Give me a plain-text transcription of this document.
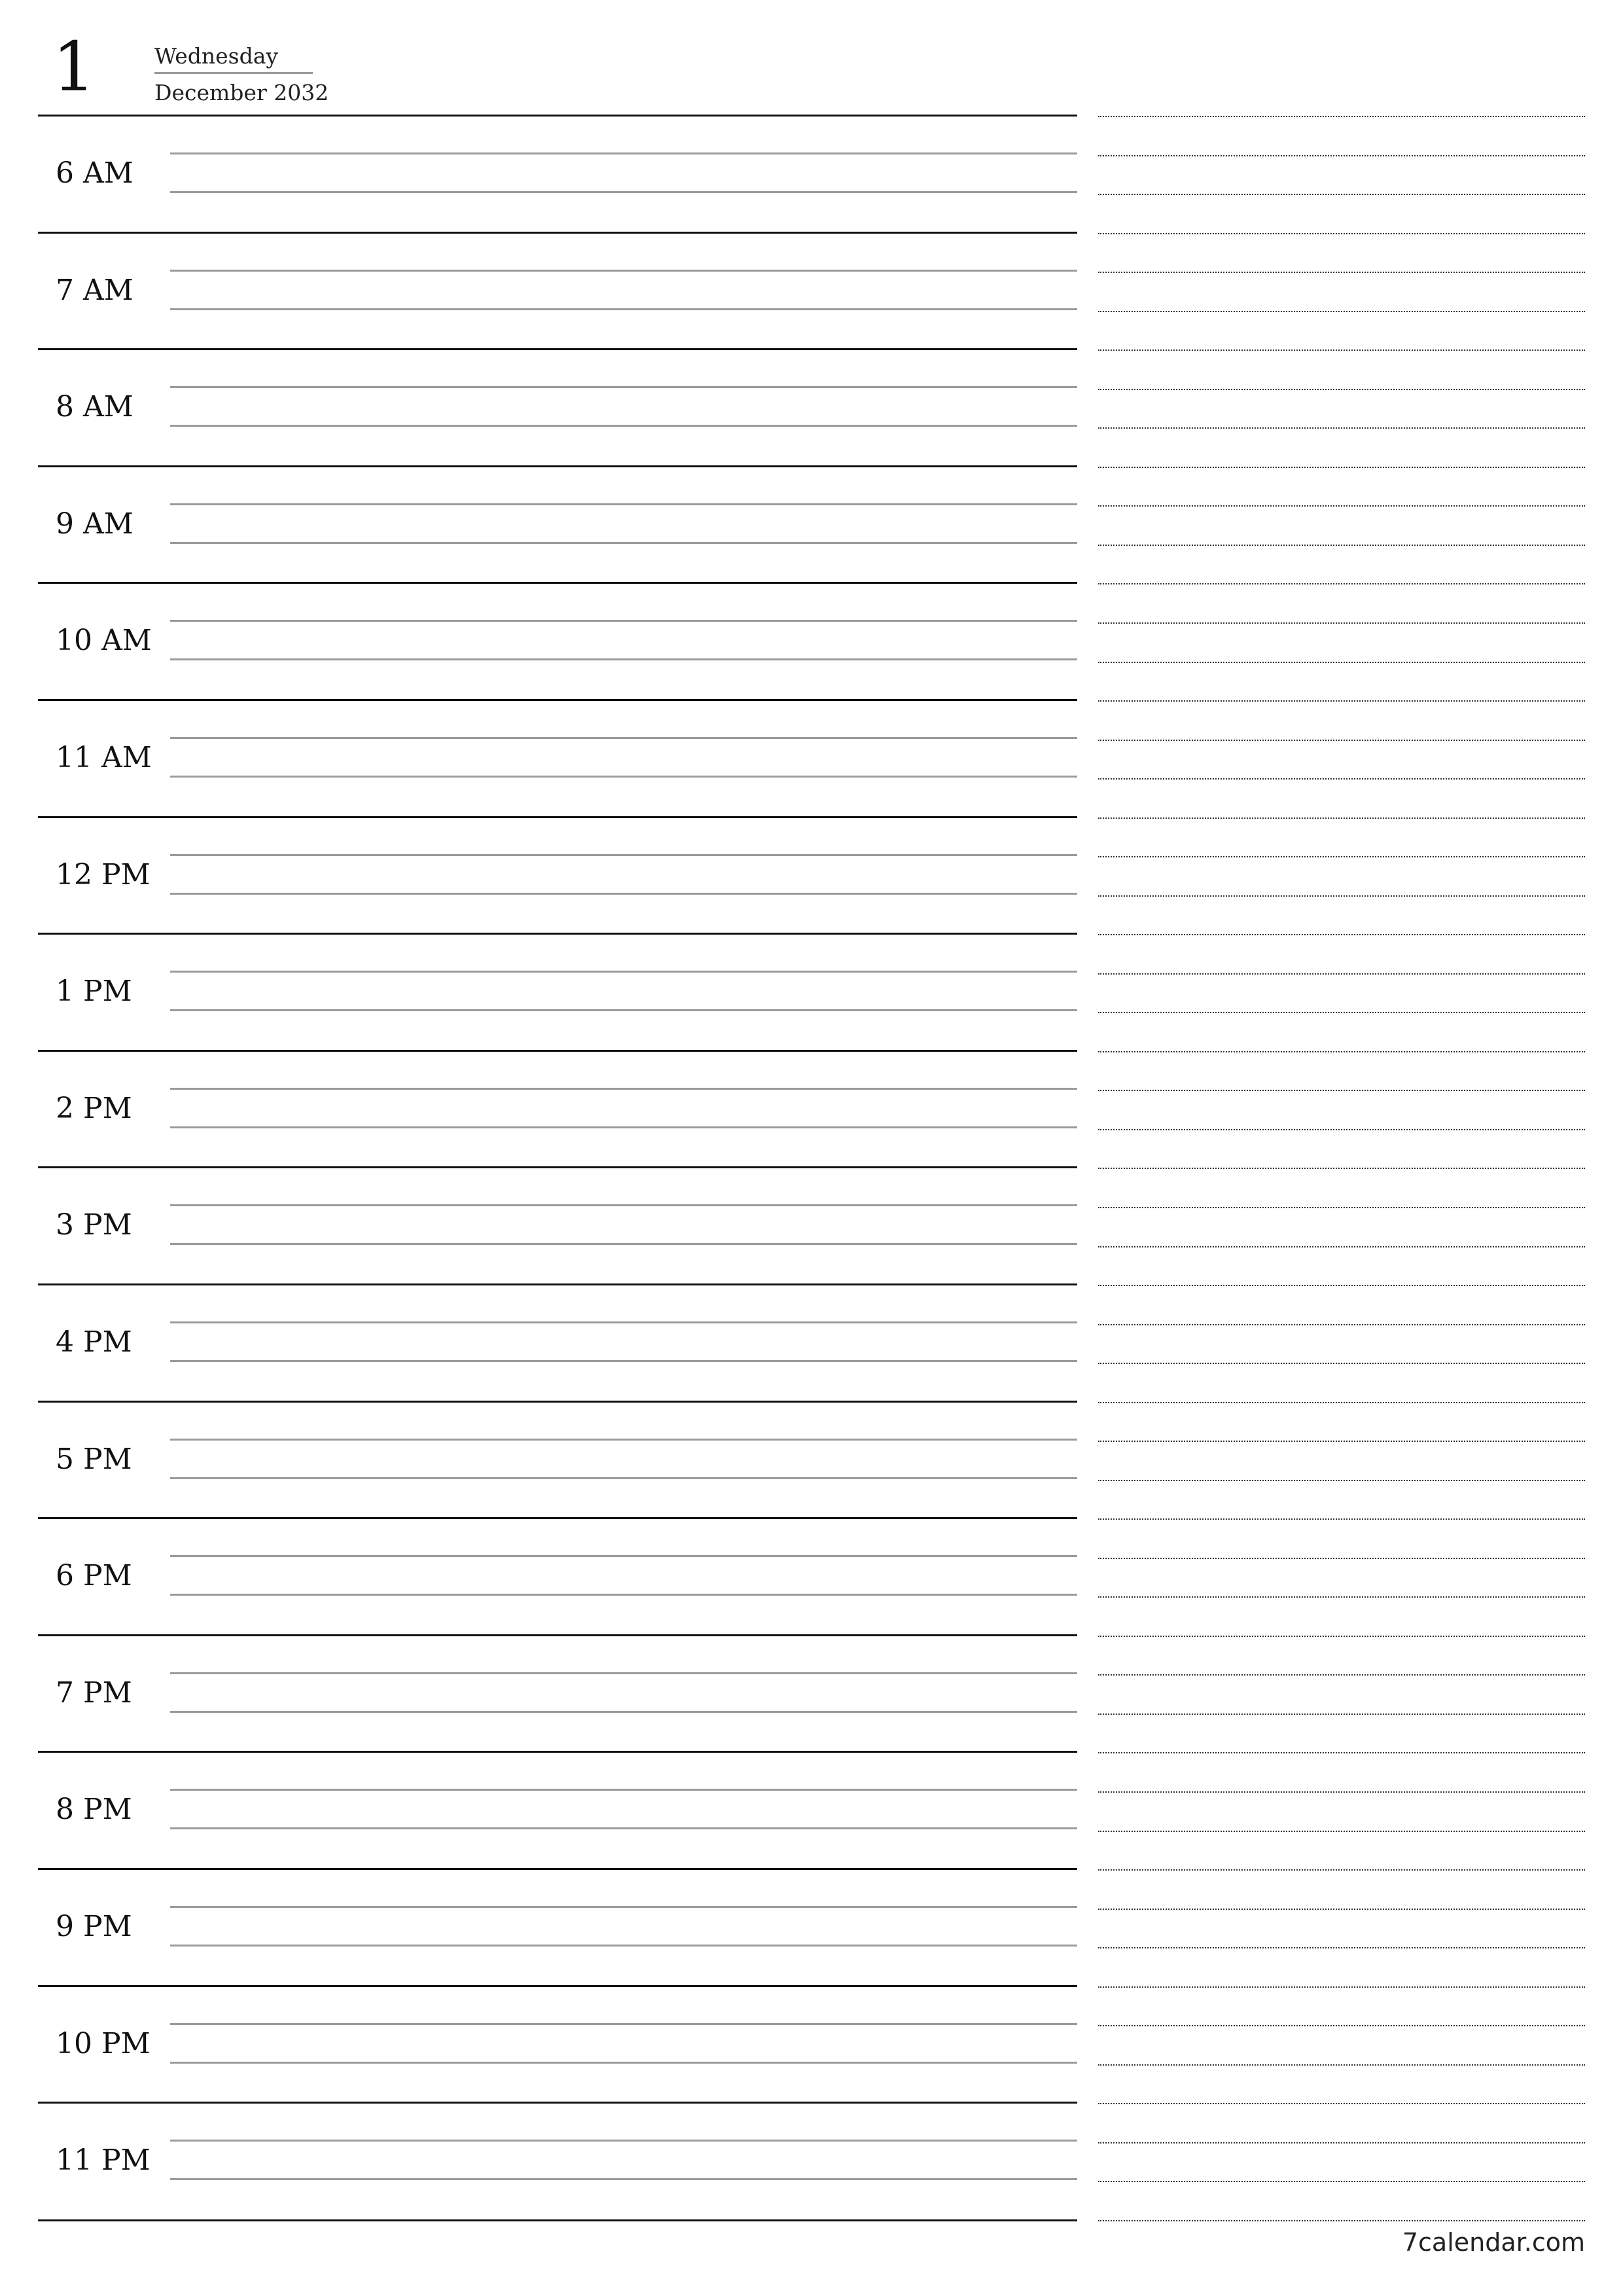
1	Wednesday
December 2032
6 AM
7 AM
8 AM
9 AM
10 AM
11 AM
12 PM
1 PM
2 PM
3 PM
4 PM
5 PM
6 PM
7 PM
8 PM
9 PM
10 PM
11 PM
7calendar.com
